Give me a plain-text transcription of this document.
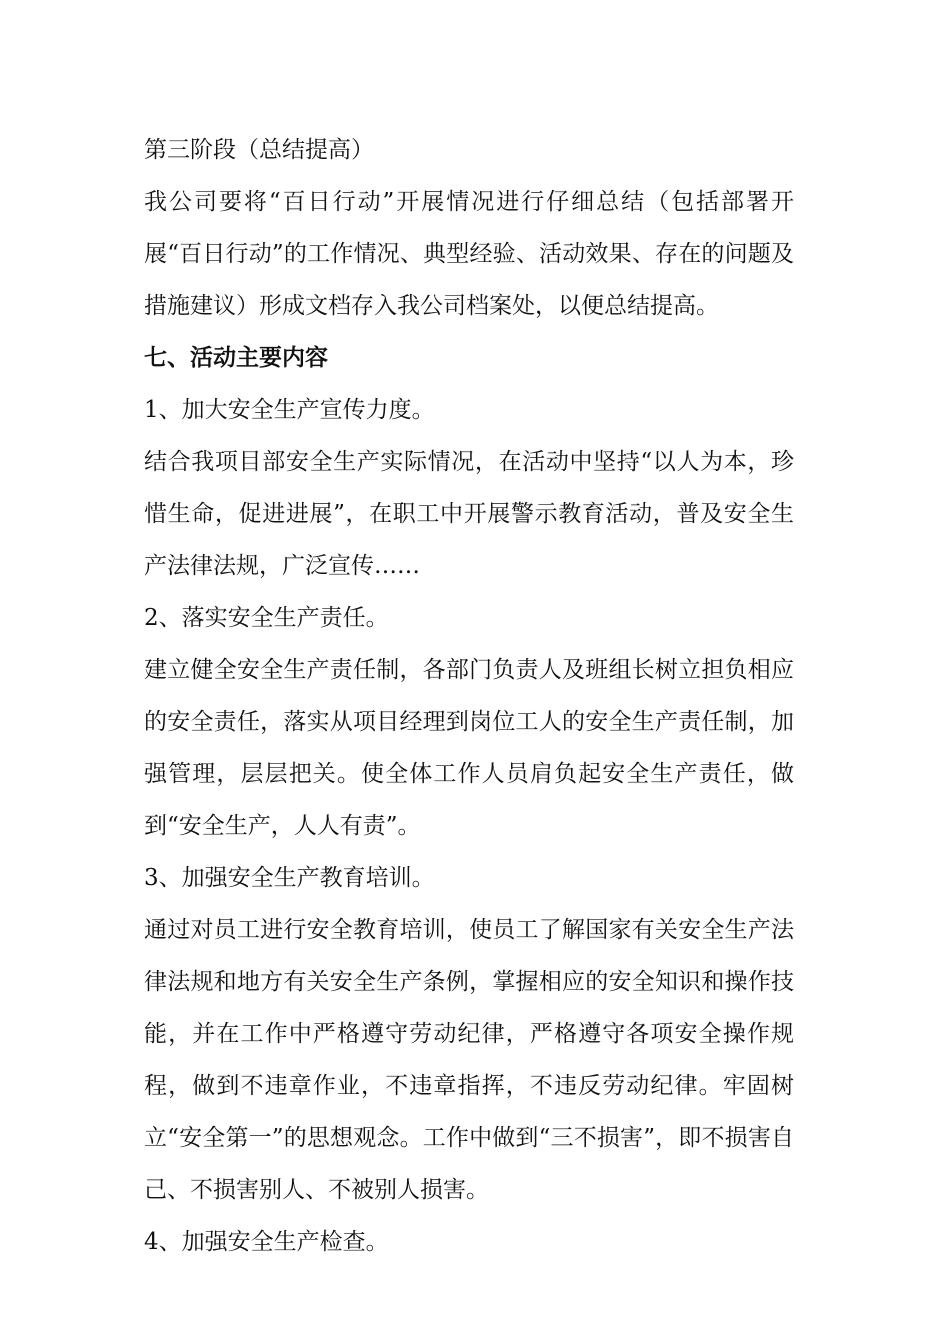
第三阶段（总结提高）

我公司要将“百日行动”开展情况进行仔细总结（包括部署开展“百日行动”的工作情况、典型经验、活动效果、存在的问题及措施建议）形成文档存入我公司档案处，以便总结提高。

七、活动主要内容

1、加大安全生产宣传力度。

结合我项目部安全生产实际情况，在活动中坚持“以人为本，珍惜生命，促进进展”，在职工中开展警示教育活动，普及安全生产法律法规，广泛宣传……

2、落实安全生产责任。

建立健全安全生产责任制，各部门负责人及班组长树立担负相应的安全责任，落实从项目经理到岗位工人的安全生产责任制，加强管理，层层把关。使全体工作人员肩负起安全生产责任，做到“安全生产，人人有责”。

3、加强安全生产教育培训。

通过对员工进行安全教育培训，使员工了解国家有关安全生产法律法规和地方有关安全生产条例，掌握相应的安全知识和操作技能，并在工作中严格遵守劳动纪律，严格遵守各项安全操作规程，做到不违章作业，不违章指挥，不违反劳动纪律。牢固树立“安全第一”的思想观念。工作中做到“三不损害”，即不损害自己、不损害别人、不被别人损害。

4、加强安全生产检查。
